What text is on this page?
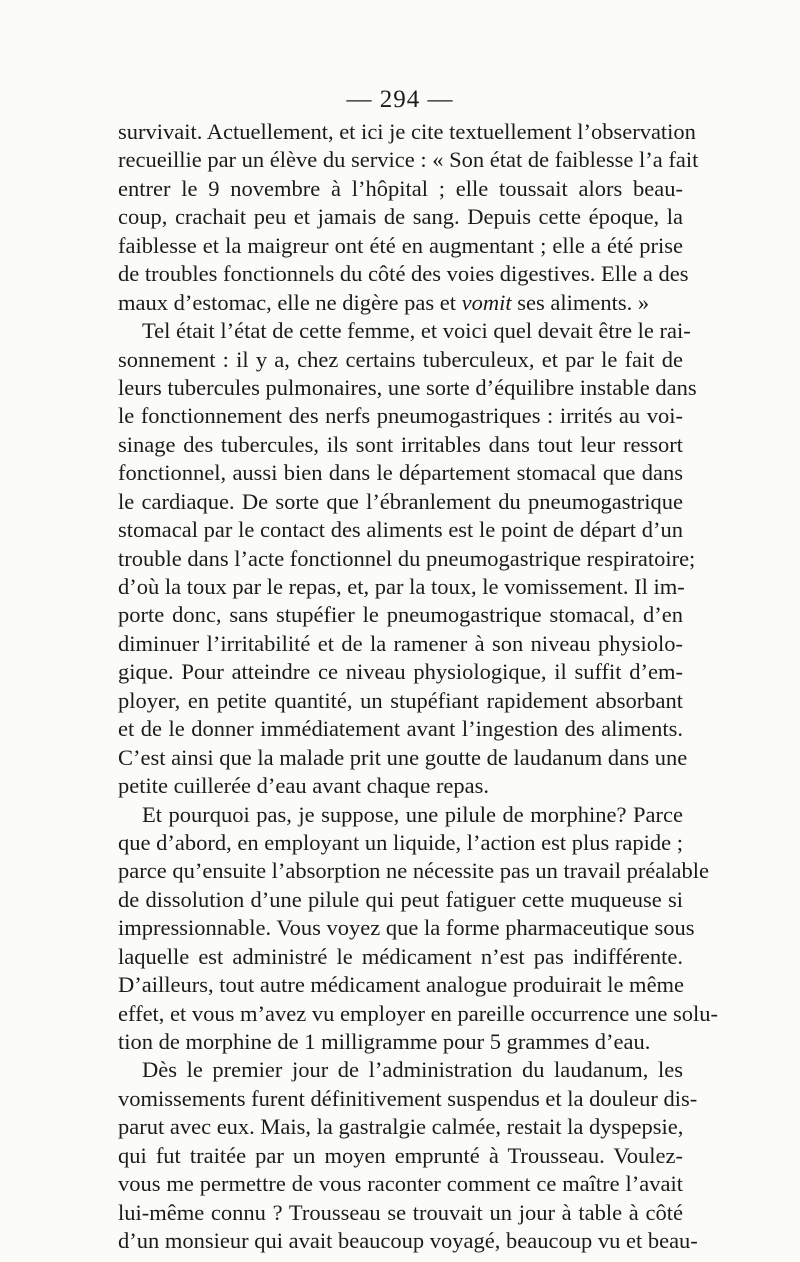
— 294 —
survivait. Actuellement, et ici je cite textuellement l’observation
recueillie par un élève du service : « Son état de faiblesse l’a fait
entrer le 9 novembre à l’hôpital ; elle toussait alors beau-
coup, crachait peu et jamais de sang. Depuis cette époque, la
faiblesse et la maigreur ont été en augmentant ; elle a été prise
de troubles fonctionnels du côté des voies digestives. Elle a des
maux d’estomac, elle ne digère pas et vomit ses aliments. »
Tel était l’état de cette femme, et voici quel devait être le rai-
sonnement : il y a, chez certains tuberculeux, et par le fait de
leurs tubercules pulmonaires, une sorte d’équilibre instable dans
le fonctionnement des nerfs pneumogastriques : irrités au voi-
sinage des tubercules, ils sont irritables dans tout leur ressort
fonctionnel, aussi bien dans le département stomacal que dans
le cardiaque. De sorte que l’ébranlement du pneumogastrique
stomacal par le contact des aliments est le point de départ d’un
trouble dans l’acte fonctionnel du pneumogastrique respiratoire;
d’où la toux par le repas, et, par la toux, le vomissement. Il im-
porte donc, sans stupéfier le pneumogastrique stomacal, d’en
diminuer l’irritabilité et de la ramener à son niveau physiolo-
gique. Pour atteindre ce niveau physiologique, il suffit d’em-
ployer, en petite quantité, un stupéfiant rapidement absorbant
et de le donner immédiatement avant l’ingestion des aliments.
C’est ainsi que la malade prit une goutte de laudanum dans une
petite cuillerée d’eau avant chaque repas.
Et pourquoi pas, je suppose, une pilule de morphine? Parce
que d’abord, en employant un liquide, l’action est plus rapide ;
parce qu’ensuite l’absorption ne nécessite pas un travail préalable
de dissolution d’une pilule qui peut fatiguer cette muqueuse si
impressionnable. Vous voyez que la forme pharmaceutique sous
laquelle est administré le médicament n’est pas indifférente.
D’ailleurs, tout autre médicament analogue produirait le même
effet, et vous m’avez vu employer en pareille occurrence une solu-
tion de morphine de 1 milligramme pour 5 grammes d’eau.
Dès le premier jour de l’administration du laudanum, les
vomissements furent définitivement suspendus et la douleur dis-
parut avec eux. Mais, la gastralgie calmée, restait la dyspepsie,
qui fut traitée par un moyen emprunté à Trousseau. Voulez-
vous me permettre de vous raconter comment ce maître l’avait
lui-même connu ? Trousseau se trouvait un jour à table à côté
d’un monsieur qui avait beaucoup voyagé, beaucoup vu et beau-
